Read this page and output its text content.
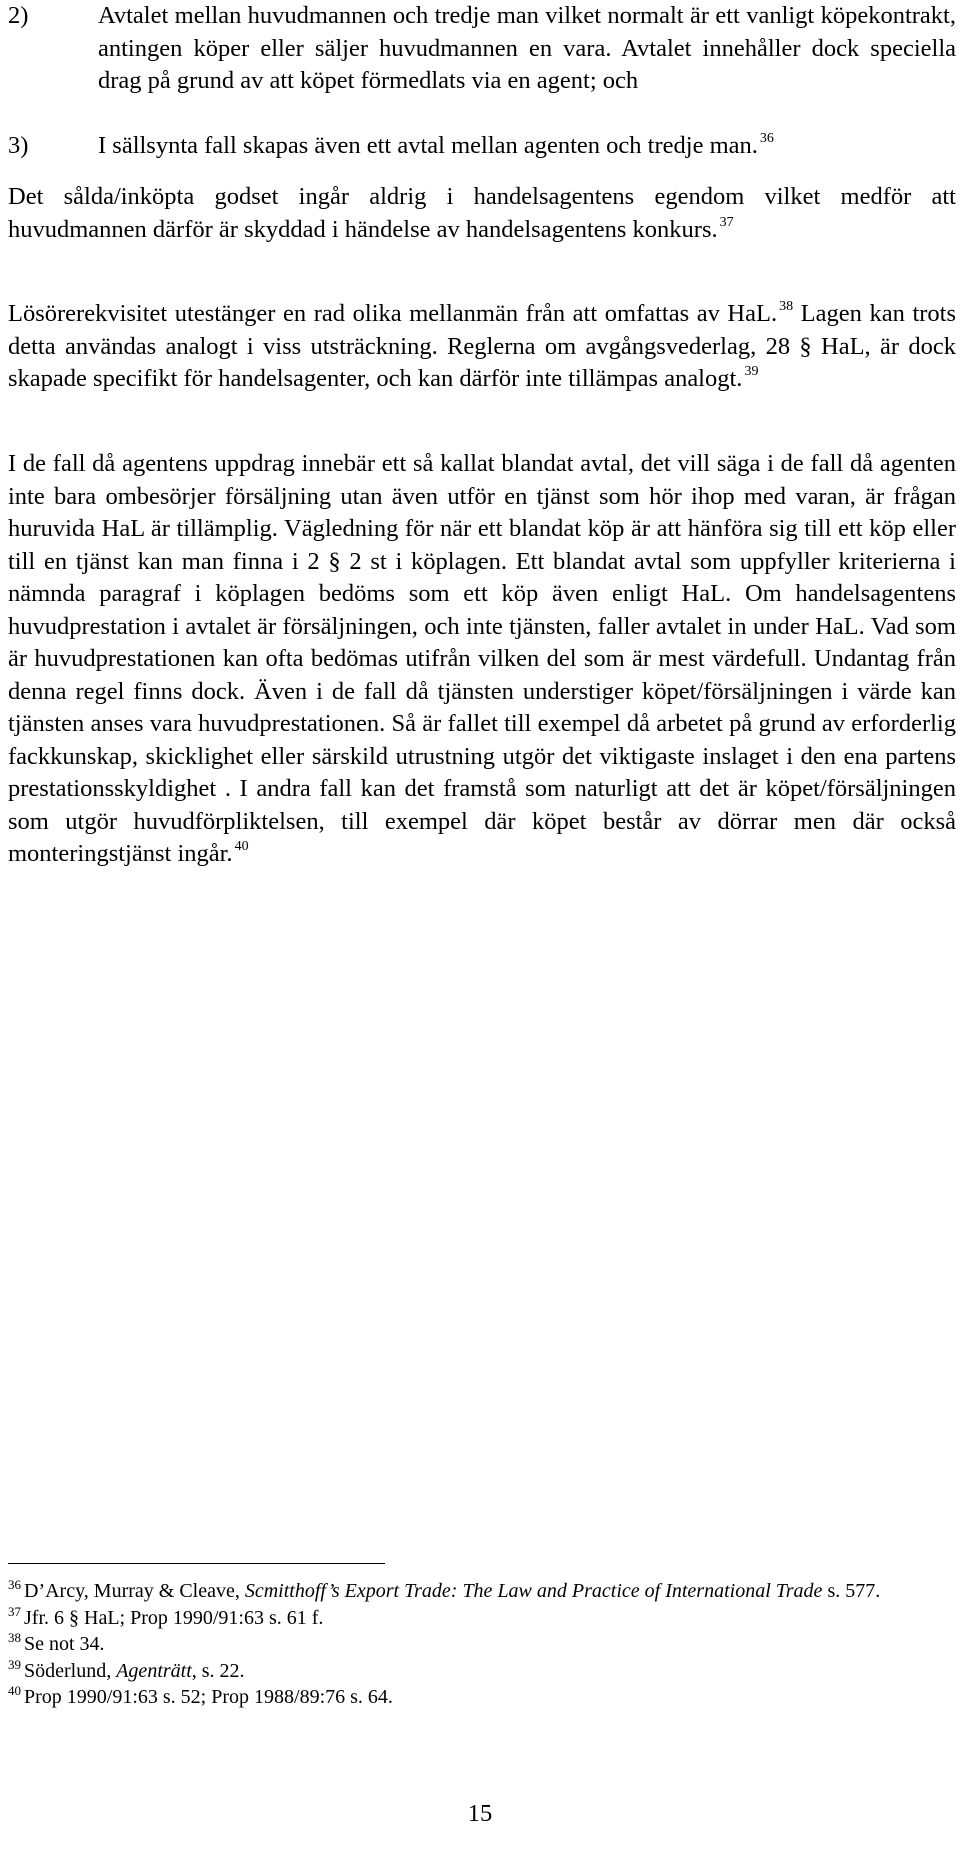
2)	Avtalet mellan huvudmannen och tredje man vilket normalt är ett vanligt köpekontrakt, antingen köper eller säljer huvudmannen en vara. Avtalet innehåller dock speciella drag på grund av att köpet förmedlats via en agent; och
3)	I sällsynta fall skapas även ett avtal mellan agenten och tredje man. $^{36}$

Det sålda/inköpta godset ingår aldrig i handelsagentens egendom vilket medför att huvudmannen därför är skyddad i händelse av handelsagentens konkurs. $^{37}$

Lösörerekvisitet utestänger en rad olika mellanmän från att omfattas av HaL. $^{38}$ Lagen kan trots detta användas analogt i viss utsträckning. Reglerna om avgångsvederlag, 28 § HaL, är dock skapade specifikt för handelsagenter, och kan därför inte tillämpas analogt. $^{39}$

I de fall då agentens uppdrag innebär ett så kallat blandat avtal, det vill säga i de fall då agenten inte bara ombesörjer försäljning utan även utför en tjänst som hör ihop med varan, är frågan huruvida HaL är tillämplig. Vägledning för när ett blandat köp är att hänföra sig till ett köp eller till en tjänst kan man finna i 2 § 2 st i köplagen. Ett blandat avtal som uppfyller kriterierna i nämnda paragraf i köplagen bedöms som ett köp även enligt HaL. Om handelsagentens huvudprestation i avtalet är försäljningen, och inte tjänsten, faller avtalet in under HaL. Vad som är huvudprestationen kan ofta bedömas utifrån vilken del som är mest värdefull. Undantag från denna regel finns dock. Även i de fall då tjänsten understiger köpet/försäljningen i värde kan tjänsten anses vara huvudprestationen. Så är fallet till exempel då arbetet på grund av erforderlig fackkunskap, skicklighet eller särskild utrustning utgör det viktigaste inslaget i den ena partens prestationsskyldighet . I andra fall kan det framstå som naturligt att det är köpet/försäljningen som utgör huvudförpliktelsen, till exempel där köpet består av dörrar men där också monteringstjänst ingår. $^{40}$

$^{36}$ D’Arcy, Murray & Cleave, Scmitthoff’s Export Trade: The Law and Practice of International Trade s. 577.
$^{37}$ Jfr. 6 § HaL; Prop 1990/91:63 s. 61 f.
$^{38}$ Se not 34.
$^{39}$ Söderlund, Agenträtt, s. 22.
$^{40}$ Prop 1990/91:63 s. 52; Prop 1988/89:76 s. 64.
15
